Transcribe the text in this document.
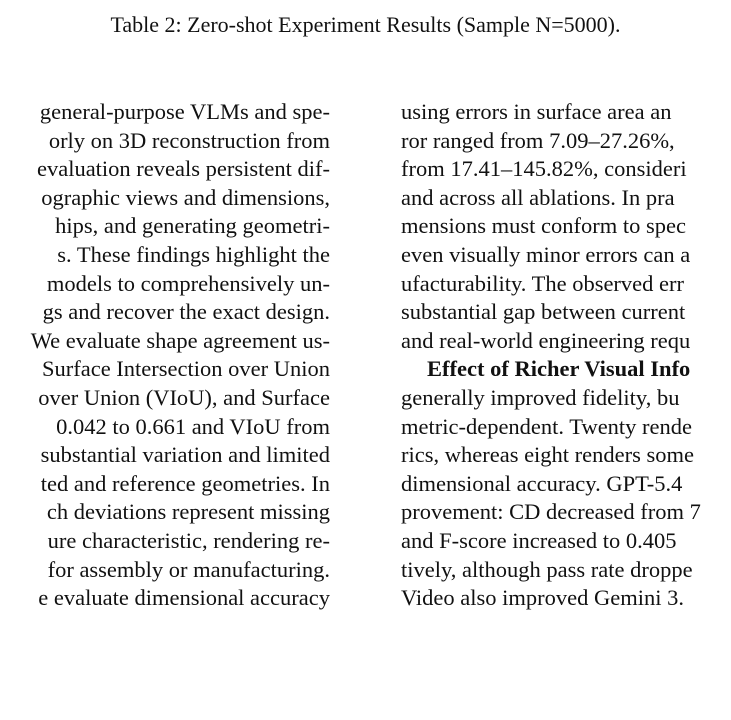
Table 2: Zero-shot Experiment Results (Sample N=5000).
general-purpose VLMs and spe-
orly on 3D reconstruction from
evaluation reveals persistent dif-
ographic views and dimensions,
hips, and generating geometri-
s. These findings highlight the
models to comprehensively un-
gs and recover the exact design.
We evaluate shape agreement us-
Surface Intersection over Union
over Union (VIoU), and Surface
0.042 to 0.661 and VIoU from
substantial variation and limited
ted and reference geometries. In
ch deviations represent missing
ure characteristic, rendering re-
for assembly or manufacturing.
e evaluate dimensional accuracy
using errors in surface area an
ror ranged from 7.09–27.26%,
from 17.41–145.82%, consideri
and across all ablations. In pra
mensions must conform to spec
even visually minor errors can a
ufacturability. The observed err
substantial gap between current
and real-world engineering requ
Effect of Richer Visual Info
generally improved fidelity, bu
metric-dependent. Twenty rende
rics, whereas eight renders some
dimensional accuracy. GPT-5.4
provement: CD decreased from 7
and F-score increased to 0.405
tively, although pass rate droppe
Video also improved Gemini 3.
